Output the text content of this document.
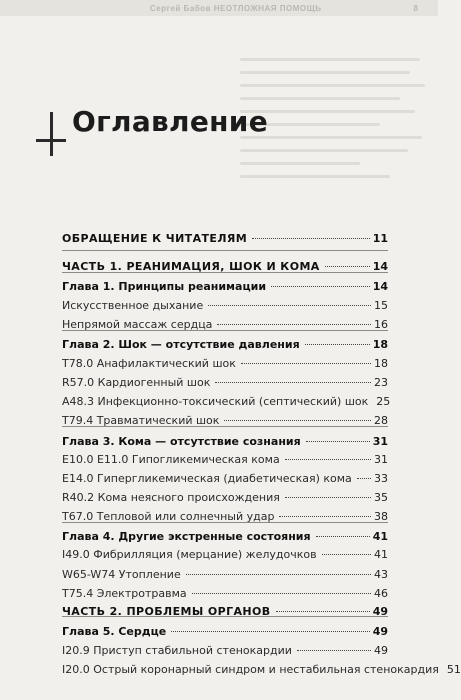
Сергей Бабов НЕОТЛОЖНАЯ ПОМОЩЬ	8
Оглавление
ОБРАЩЕНИЕ К ЧИТАТЕЛЯМ	11
ЧАСТЬ 1. РЕАНИМАЦИЯ, ШОК И КОМА	14
Глава 1. Принципы реанимации	14
Искусственное дыхание	15
Непрямой массаж сердца	16
Глава 2. Шок — отсутствие давления	18
T78.0 Анафилактический шок	18
R57.0 Кардиогенный шок	23
A48.3 Инфекционно-токсический (септический) шок 25
T79.4 Травматический шок	28
Глава 3. Кома — отсутствие сознания	31
E10.0 E11.0 Гипогликемическая кома	31
E14.0 Гипергликемическая (диабетическая) кома 33
R40.2 Кома неясного происхождения	35
T67.0 Тепловой или солнечный удар	38
Глава 4. Другие экстренные состояния	41
I49.0 Фибрилляция (мерцание) желудочков	41
W65-W74 Утопление	43
T75.4 Электротравма	46
ЧАСТЬ 2. ПРОБЛЕМЫ ОРГАНОВ	49
Глава 5. Сердце	49
I20.9 Приступ стабильной стенокардии	49
I20.0 Острый коронарный синдром и нестабильная стенокардия 51
